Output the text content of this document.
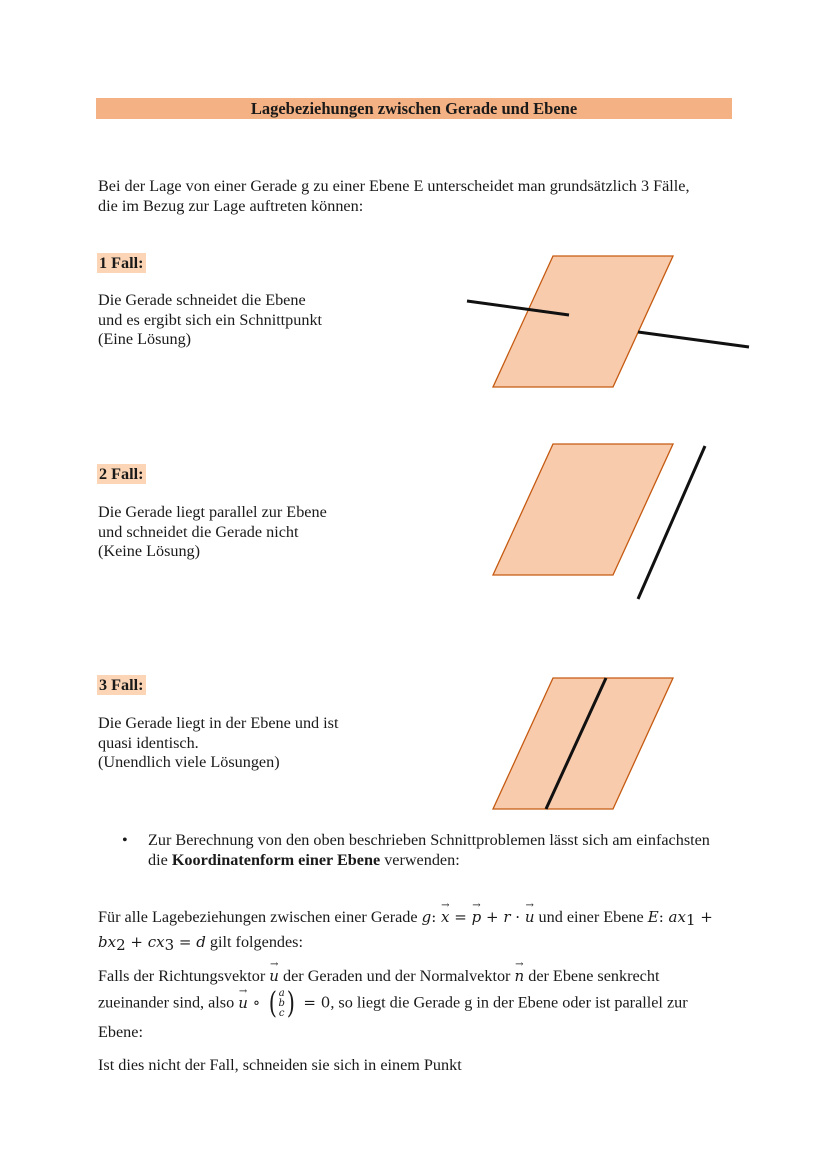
Lagebeziehungen zwischen Gerade und Ebene
Bei der Lage von einer Gerade g zu einer Ebene E unterscheidet man grundsätzlich 3 Fälle,
die im Bezug zur Lage auftreten können:
1 Fall:
Die Gerade schneidet die Ebene
und es ergibt sich ein Schnittpunkt
(Eine Lösung)
2 Fall:
Die Gerade liegt parallel zur Ebene
und schneidet die Gerade nicht
(Keine Lösung)
3 Fall:
Die Gerade liegt in der Ebene und ist
quasi identisch.
(Unendlich viele Lösungen)
• Zur Berechnung von den oben beschrieben Schnittproblemen lässt sich am einfachsten
die Koordinatenform einer Ebene verwenden:
Für alle Lagebeziehungen zwischen einer Gerade g: → x = → p + r · → u und einer Ebene E: $ax_1$ +
$bx_2 + cx_3 = d$ gilt folgendes:
Falls der Richtungsvektor → u der Geraden und der Normalvektor → n der Ebene senkrecht
zueinander sind, also → u ∘ ( a
b
c ) = 0, so liegt die Gerade g in der Ebene oder ist parallel zur
Ebene:
Ist dies nicht der Fall, schneiden sie sich in einem Punkt
